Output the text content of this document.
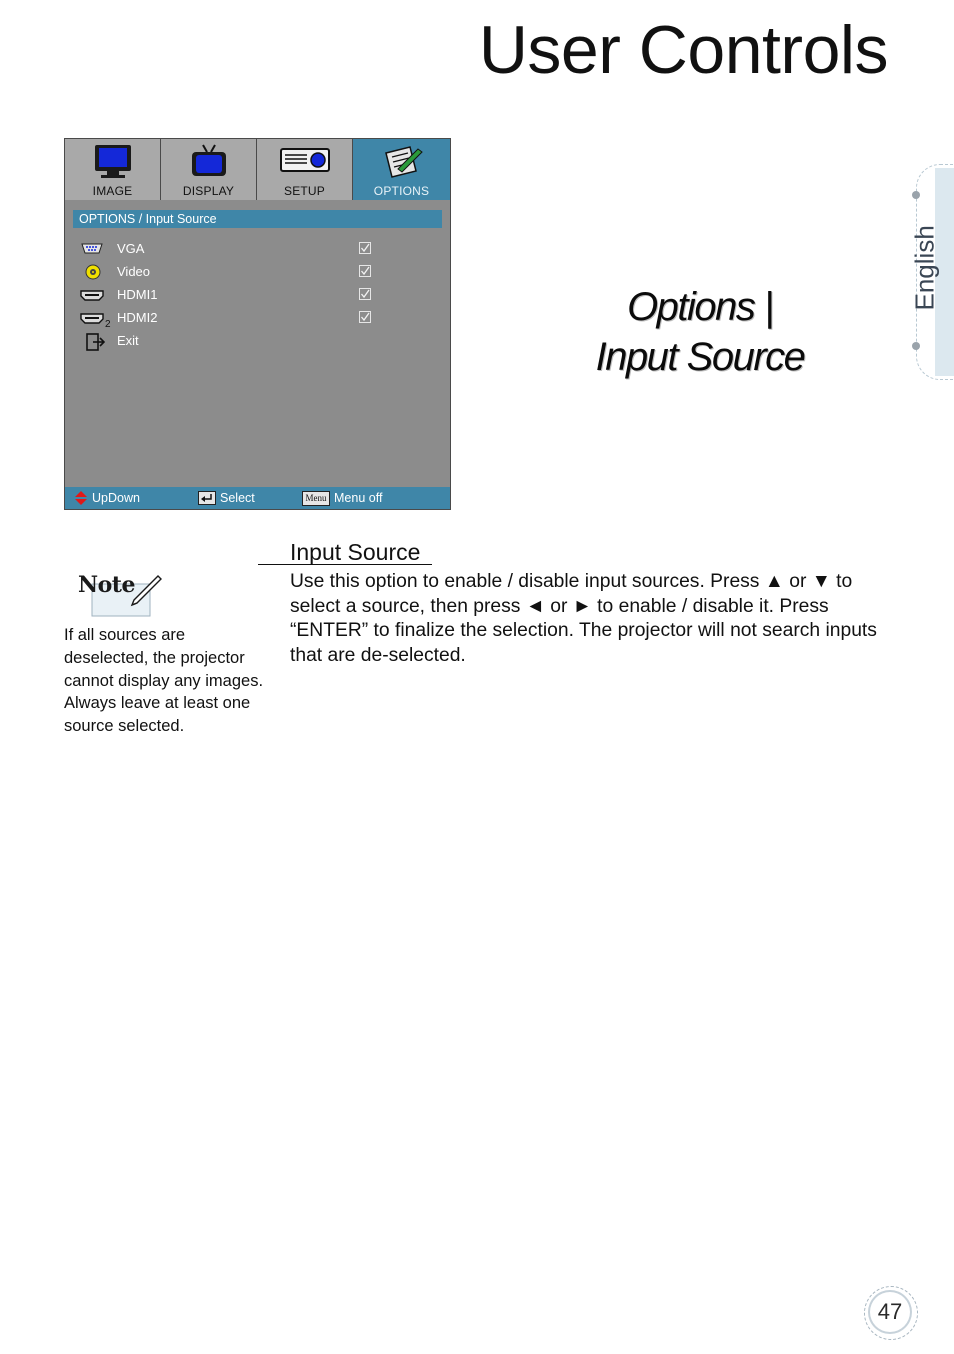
User Controls
IMAGE	DISPLAY	SETUP	OPTIONS
OPTIONS / Input Source
VGA
Video
HDMI1
2 HDMI2
Exit
UpDown	Select	Menu Menu off
Options |
Input Source
English
Note
If all sources are deselected, the projector cannot display any images. Always leave at least one source selected.
Input Source
Use this option to enable / disable input sources. Press ▲ or ▼ to select a source, then press ◄ or ► to enable / disable it. Press “ENTER” to finalize the selection. The projector will not search inputs that are de-selected.
47
